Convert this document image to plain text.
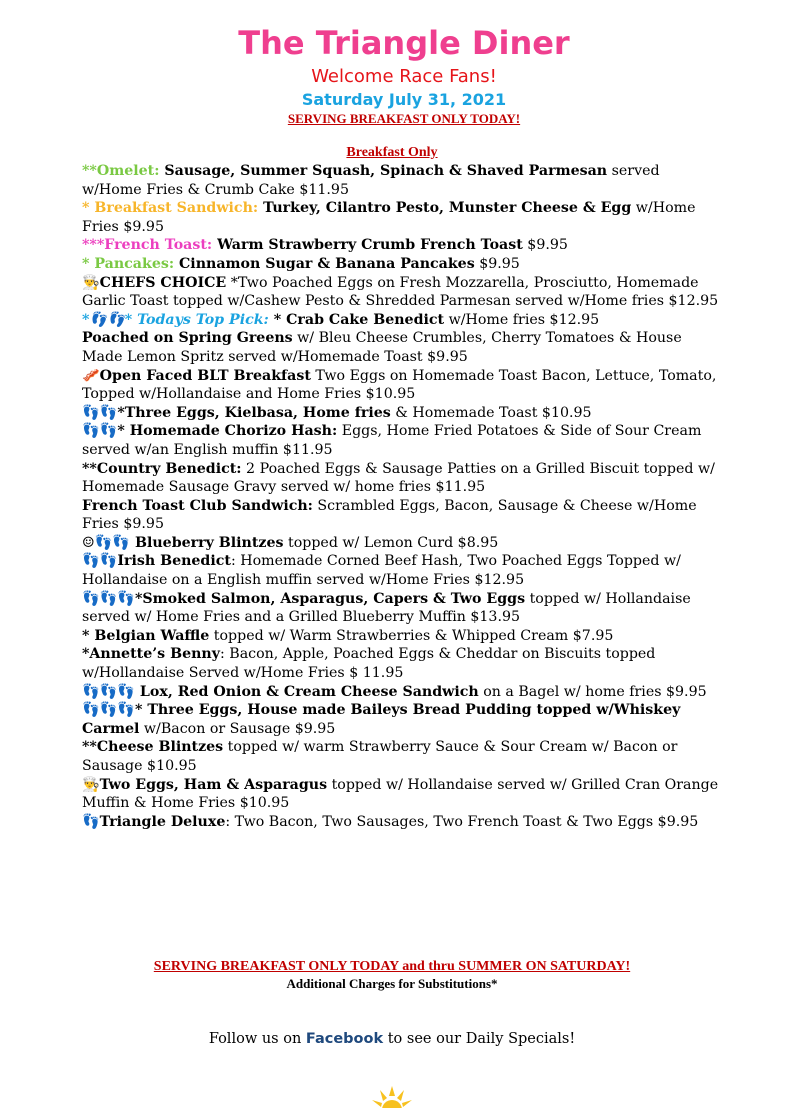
The Triangle Diner
Welcome Race Fans!
Saturday July 31, 2021
SERVING BREAKFAST ONLY TODAY!
Breakfast Only
**Omelet: Sausage, Summer Squash, Spinach & Shaved Parmesan served w/Home Fries & Crumb Cake $11.95
* Breakfast Sandwich: Turkey, Cilantro Pesto, Munster Cheese & Egg w/Home Fries $9.95
***French Toast: Warm Strawberry Crumb French Toast $9.95
* Pancakes: Cinnamon Sugar & Banana Pancakes $9.95
👨‍🍳CHEFS CHOICE *Two Poached Eggs on Fresh Mozzarella, Prosciutto, Homemade Garlic Toast topped w/Cashew Pesto & Shredded Parmesan served w/Home fries $12.95
*👣👣* Todays Top Pick: * Crab Cake Benedict w/Home fries $12.95
Poached on Spring Greens w/ Bleu Cheese Crumbles, Cherry Tomatoes & House Made Lemon Spritz served w/Homemade Toast $9.95
🥓Open Faced BLT Breakfast Two Eggs on Homemade Toast Bacon, Lettuce, Tomato, Topped w/Hollandaise and Home Fries $10.95
👣👣*Three Eggs, Kielbasa, Home fries & Homemade Toast $10.95
👣👣* Homemade Chorizo Hash: Eggs, Home Fried Potatoes & Side of Sour Cream served w/an English muffin $11.95
**Country Benedict: 2 Poached Eggs & Sausage Patties on a Grilled Biscuit topped w/ Homemade Sausage Gravy served w/ home fries $11.95
French Toast Club Sandwich: Scrambled Eggs, Bacon, Sausage & Cheese w/Home Fries $9.95
☺👣👣 Blueberry Blintzes topped w/ Lemon Curd $8.95
👣👣Irish Benedict: Homemade Corned Beef Hash, Two Poached Eggs Topped w/ Hollandaise on a English muffin served w/Home Fries $12.95
👣👣👣*Smoked Salmon, Asparagus, Capers & Two Eggs topped w/ Hollandaise served w/ Home Fries and a Grilled Blueberry Muffin $13.95
* Belgian Waffle topped w/ Warm Strawberries & Whipped Cream $7.95
*Annette’s Benny: Bacon, Apple, Poached Eggs & Cheddar on Biscuits topped w/Hollandaise Served w/Home Fries $ 11.95
👣👣👣 Lox, Red Onion & Cream Cheese Sandwich on a Bagel w/ home fries $9.95
👣👣👣* Three Eggs, House made Baileys Bread Pudding topped w/Whiskey Carmel w/Bacon or Sausage $9.95
**Cheese Blintzes topped w/ warm Strawberry Sauce & Sour Cream w/ Bacon or Sausage $10.95
👨‍🍳Two Eggs, Ham & Asparagus topped w/ Hollandaise served w/ Grilled Cran Orange Muffin & Home Fries $10.95
👣Triangle Deluxe: Two Bacon, Two Sausages, Two French Toast & Two Eggs $9.95
SERVING BREAKFAST ONLY TODAY and thru SUMMER ON SATURDAY!
Additional Charges for Substitutions*
Follow us on Facebook to see our Daily Specials!
